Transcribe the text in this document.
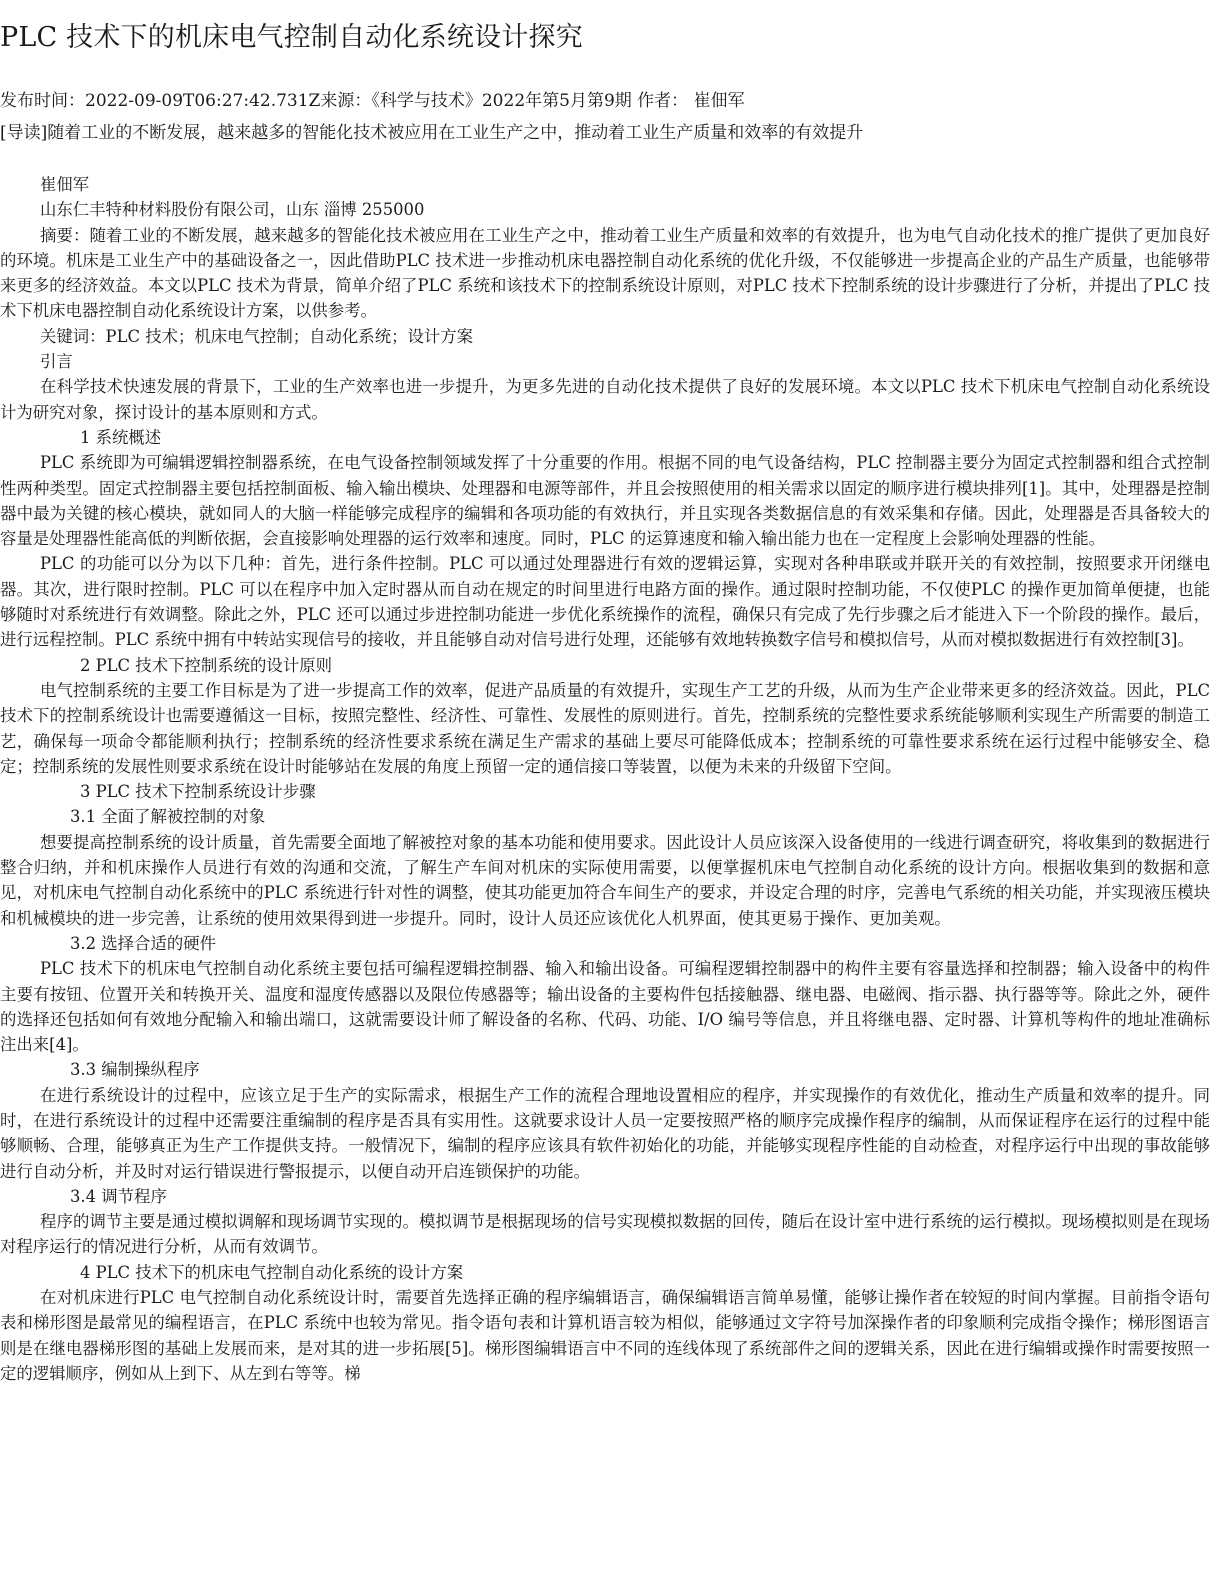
PLC 技术下的机床电气控制自动化系统设计探究
发布时间：2022-09-09T06:27:42.731Z来源：《科学与技术》2022年第5月第9期 作者： 崔佃军
[导读]随着工业的不断发展，越来越多的智能化技术被应用在工业生产之中，推动着工业生产质量和效率的有效提升

崔佃军

山东仁丰特种材料股份有限公司，山东 淄博 255000

摘要：随着工业的不断发展，越来越多的智能化技术被应用在工业生产之中，推动着工业生产质量和效率的有效提升，也为电气自动化技术的推广提供了更加良好的环境。机床是工业生产中的基础设备之一，因此借助PLC 技术进一步推动机床电器控制自动化系统的优化升级，不仅能够进一步提高企业的产品生产质量，也能够带来更多的经济效益。本文以PLC 技术为背景，简单介绍了PLC 系统和该技术下的控制系统设计原则，对PLC 技术下控制系统的设计步骤进行了分析，并提出了PLC 技术下机床电器控制自动化系统设计方案，以供参考。

关键词：PLC 技术；机床电气控制；自动化系统；设计方案

引言

在科学技术快速发展的背景下，工业的生产效率也进一步提升，为更多先进的自动化技术提供了良好的发展环境。本文以PLC 技术下机床电气控制自动化系统设计为研究对象，探讨设计的基本原则和方式。

1 系统概述

PLC 系统即为可编辑逻辑控制器系统，在电气设备控制领域发挥了十分重要的作用。根据不同的电气设备结构，PLC 控制器主要分为固定式控制器和组合式控制性两种类型。固定式控制器主要包括控制面板、输入输出模块、处理器和电源等部件，并且会按照使用的相关需求以固定的顺序进行模块排列[1]。其中，处理器是控制器中最为关键的核心模块，就如同人的大脑一样能够完成程序的编辑和各项功能的有效执行，并且实现各类数据信息的有效采集和存储。因此，处理器是否具备较大的容量是处理器性能高低的判断依据，会直接影响处理器的运行效率和速度。同时，PLC 的运算速度和输入输出能力也在一定程度上会影响处理器的性能。

PLC 的功能可以分为以下几种：首先，进行条件控制。PLC 可以通过处理器进行有效的逻辑运算，实现对各种串联或并联开关的有效控制，按照要求开闭继电器。其次，进行限时控制。PLC 可以在程序中加入定时器从而自动在规定的时间里进行电路方面的操作。通过限时控制功能，不仅使PLC 的操作更加简单便捷，也能够随时对系统进行有效调整。除此之外，PLC 还可以通过步进控制功能进一步优化系统操作的流程，确保只有完成了先行步骤之后才能进入下一个阶段的操作。最后，进行远程控制。PLC 系统中拥有中转站实现信号的接收，并且能够自动对信号进行处理，还能够有效地转换数字信号和模拟信号，从而对模拟数据进行有效控制[3]。

2 PLC 技术下控制系统的设计原则

电气控制系统的主要工作目标是为了进一步提高工作的效率，促进产品质量的有效提升，实现生产工艺的升级，从而为生产企业带来更多的经济效益。因此，PLC 技术下的控制系统设计也需要遵循这一目标，按照完整性、经济性、可靠性、发展性的原则进行。首先，控制系统的完整性要求系统能够顺利实现生产所需要的制造工艺，确保每一项命令都能顺利执行；控制系统的经济性要求系统在满足生产需求的基础上要尽可能降低成本；控制系统的可靠性要求系统在运行过程中能够安全、稳定；控制系统的发展性则要求系统在设计时能够站在发展的角度上预留一定的通信接口等装置，以便为未来的升级留下空间。

3 PLC 技术下控制系统设计步骤

3.1 全面了解被控制的对象

想要提高控制系统的设计质量，首先需要全面地了解被控对象的基本功能和使用要求。因此设计人员应该深入设备使用的一线进行调查研究，将收集到的数据进行整合归纳，并和机床操作人员进行有效的沟通和交流，了解生产车间对机床的实际使用需要，以便掌握机床电气控制自动化系统的设计方向。根据收集到的数据和意见，对机床电气控制自动化系统中的PLC 系统进行针对性的调整，使其功能更加符合车间生产的要求，并设定合理的时序，完善电气系统的相关功能，并实现液压模块和机械模块的进一步完善，让系统的使用效果得到进一步提升。同时，设计人员还应该优化人机界面，使其更易于操作、更加美观。

3.2 选择合适的硬件

PLC 技术下的机床电气控制自动化系统主要包括可编程逻辑控制器、输入和输出设备。可编程逻辑控制器中的构件主要有容量选择和控制器；输入设备中的构件主要有按钮、位置开关和转换开关、温度和湿度传感器以及限位传感器等；输出设备的主要构件包括接触器、继电器、电磁阀、指示器、执行器等等。除此之外，硬件的选择还包括如何有效地分配输入和输出端口，这就需要设计师了解设备的名称、代码、功能、I/O 编号等信息，并且将继电器、定时器、计算机等构件的地址准确标注出来[4]。

3.3 编制操纵程序

在进行系统设计的过程中，应该立足于生产的实际需求，根据生产工作的流程合理地设置相应的程序，并实现操作的有效优化，推动生产质量和效率的提升。同时，在进行系统设计的过程中还需要注重编制的程序是否具有实用性。这就要求设计人员一定要按照严格的顺序完成操作程序的编制，从而保证程序在运行的过程中能够顺畅、合理，能够真正为生产工作提供支持。一般情况下，编制的程序应该具有软件初始化的功能，并能够实现程序性能的自动检查，对程序运行中出现的事故能够进行自动分析，并及时对运行错误进行警报提示，以便自动开启连锁保护的功能。

3.4 调节程序

程序的调节主要是通过模拟调解和现场调节实现的。模拟调节是根据现场的信号实现模拟数据的回传，随后在设计室中进行系统的运行模拟。现场模拟则是在现场对程序运行的情况进行分析，从而有效调节。

4 PLC 技术下的机床电气控制自动化系统的设计方案

在对机床进行PLC 电气控制自动化系统设计时，需要首先选择正确的程序编辑语言，确保编辑语言简单易懂，能够让操作者在较短的时间内掌握。目前指令语句表和梯形图是最常见的编程语言，在PLC 系统中也较为常见。指令语句表和计算机语言较为相似，能够通过文字符号加深操作者的印象顺利完成指令操作；梯形图语言则是在继电器梯形图的基础上发展而来，是对其的进一步拓展[5]。梯形图编辑语言中不同的连线体现了系统部件之间的逻辑关系，因此在进行编辑或操作时需要按照一定的逻辑顺序，例如从上到下、从左到右等等。梯
